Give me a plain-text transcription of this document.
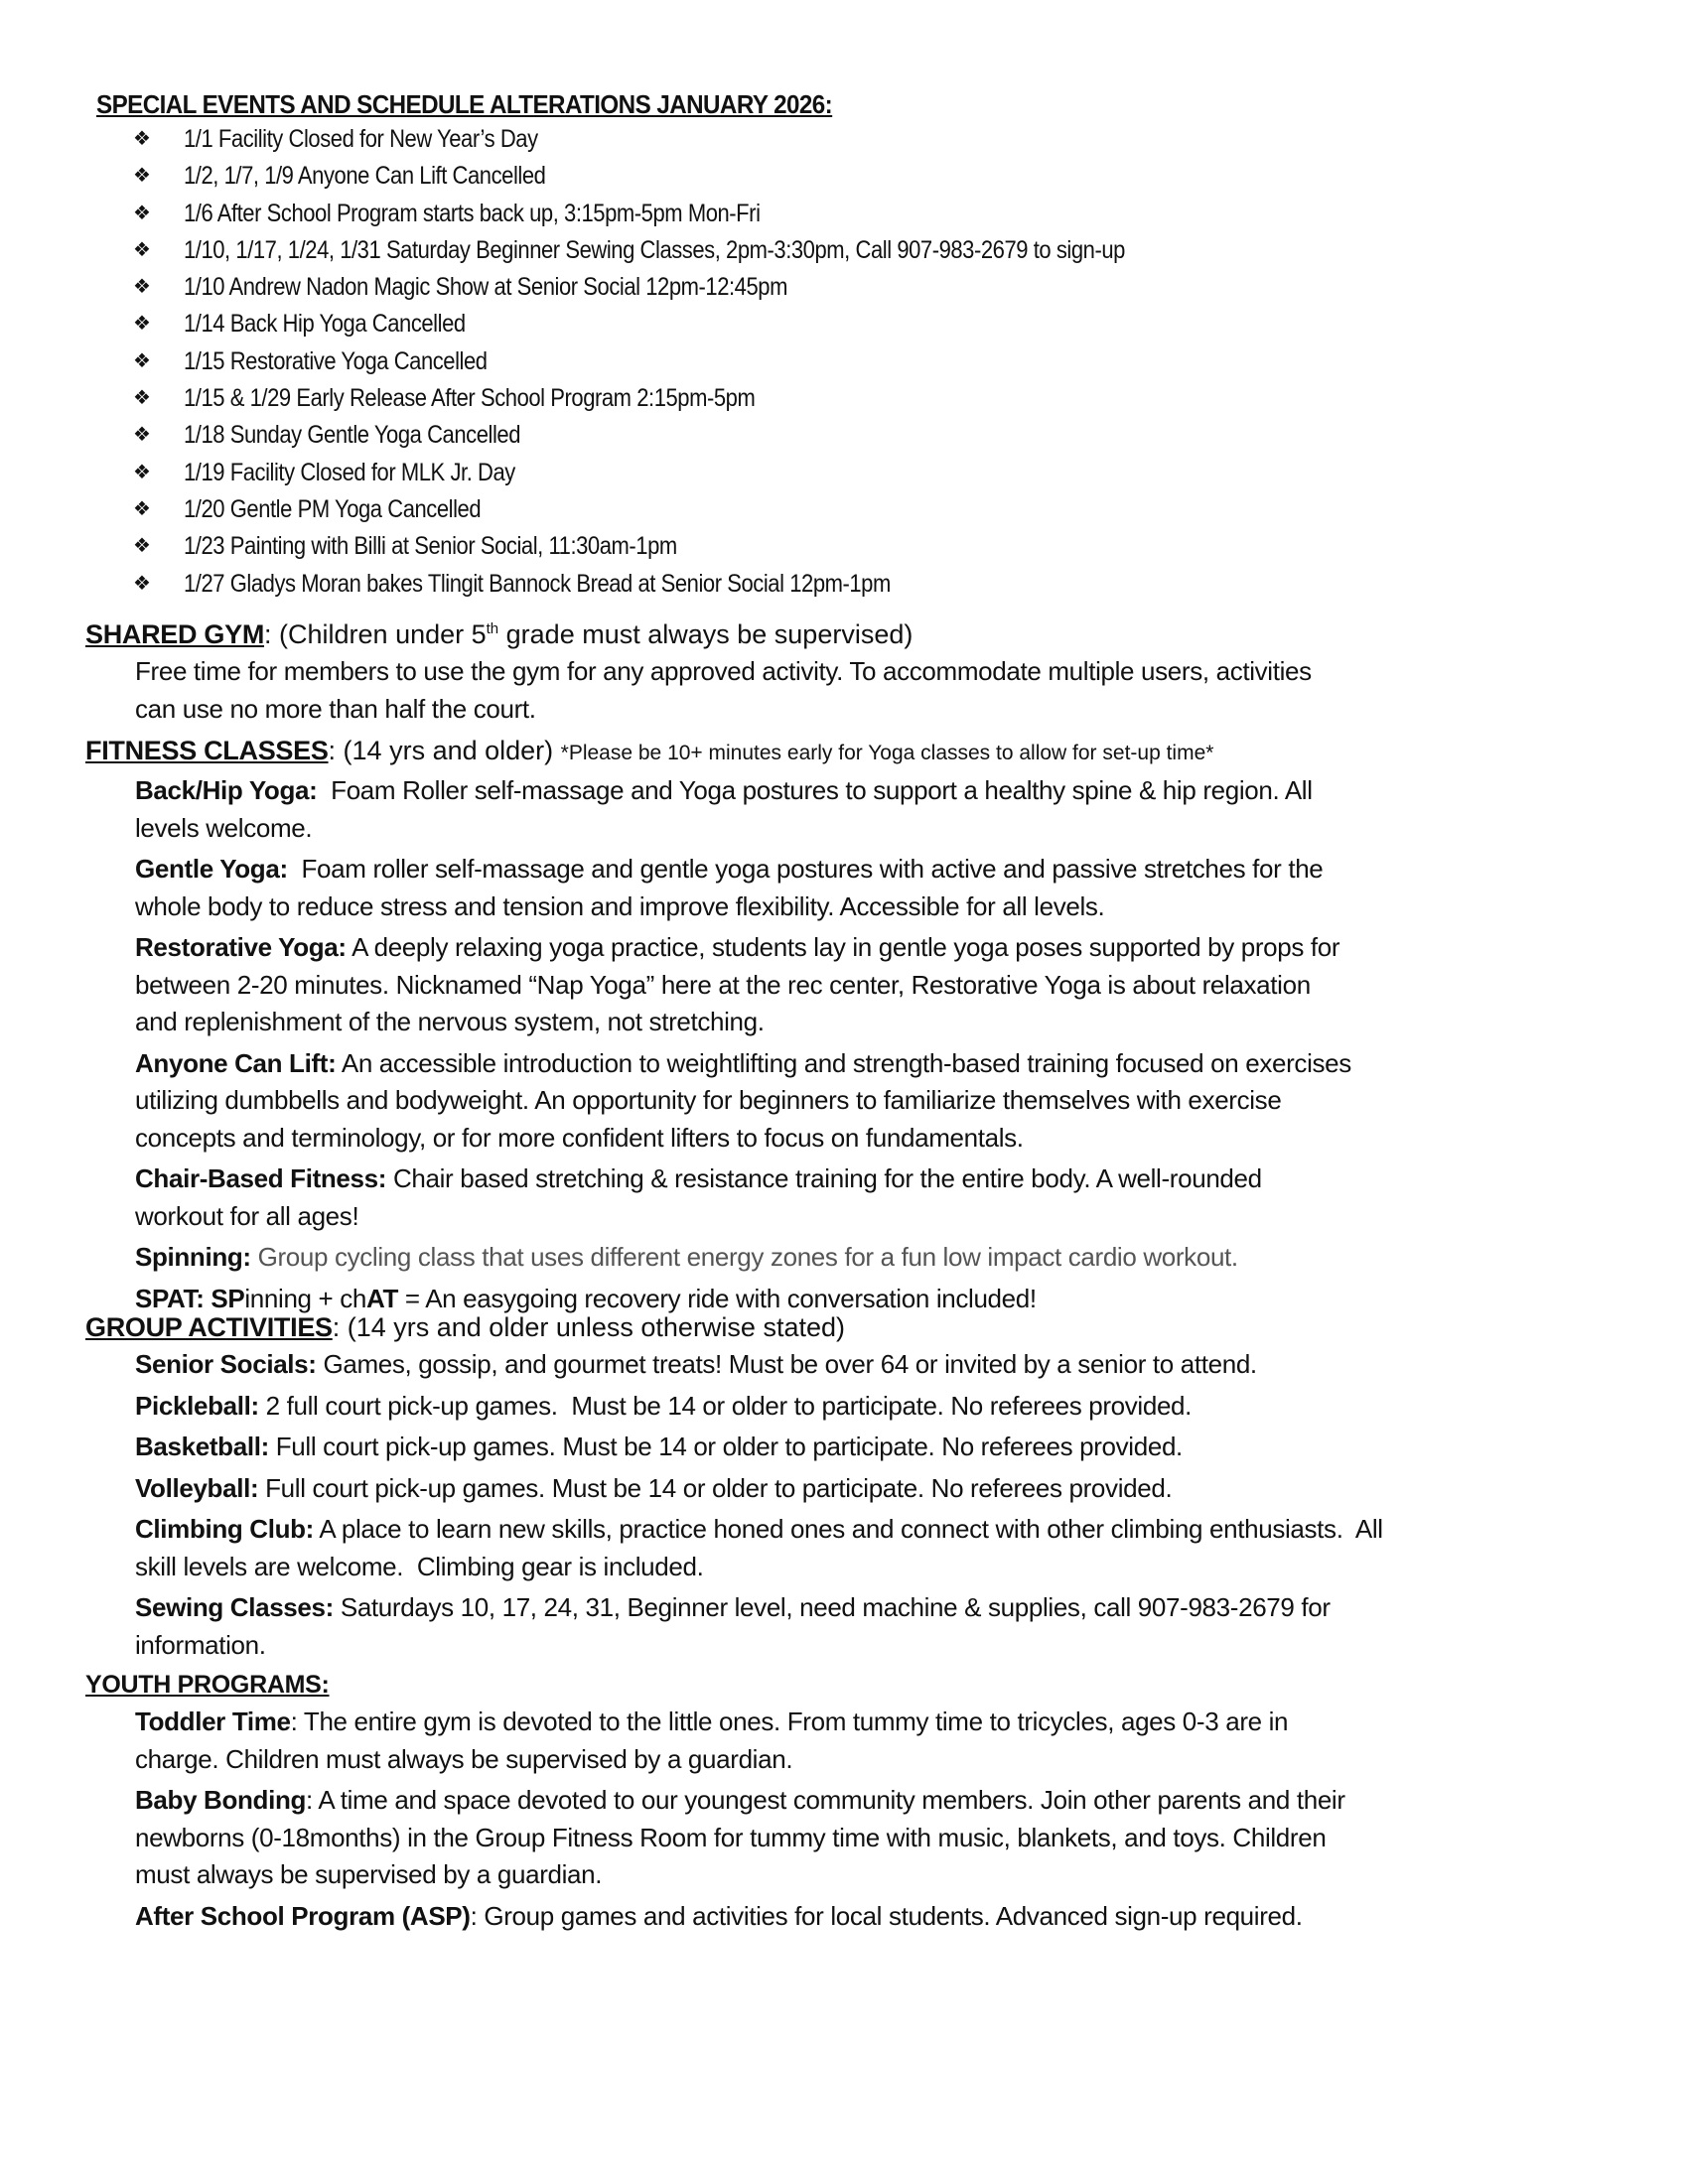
SPECIAL EVENTS AND SCHEDULE ALTERATIONS JANUARY 2026:
❖ 1/1 Facility Closed for New Year’s Day
❖ 1/2, 1/7, 1/9 Anyone Can Lift Cancelled
❖ 1/6 After School Program starts back up, 3:15pm-5pm Mon-Fri
❖ 1/10, 1/17, 1/24, 1/31 Saturday Beginner Sewing Classes, 2pm-3:30pm, Call 907-983-2679 to sign-up
❖ 1/10 Andrew Nadon Magic Show at Senior Social 12pm-12:45pm
❖ 1/14 Back Hip Yoga Cancelled
❖ 1/15 Restorative Yoga Cancelled
❖ 1/15 & 1/29 Early Release After School Program 2:15pm-5pm
❖ 1/18 Sunday Gentle Yoga Cancelled
❖ 1/19 Facility Closed for MLK Jr. Day
❖ 1/20 Gentle PM Yoga Cancelled
❖ 1/23 Painting with Billi at Senior Social, 11:30am-1pm
❖ 1/27 Gladys Moran bakes Tlingit Bannock Bread at Senior Social 12pm-1pm
SHARED GYM: (Children under 5th grade must always be supervised)
Free time for members to use the gym for any approved activity. To accommodate multiple users, activities
can use no more than half the court.
FITNESS CLASSES: (14 yrs and older) *Please be 10+ minutes early for Yoga classes to allow for set-up time*
Back/Hip Yoga:  Foam Roller self-massage and Yoga postures to support a healthy spine & hip region. All
levels welcome.
Gentle Yoga:  Foam roller self-massage and gentle yoga postures with active and passive stretches for the
whole body to reduce stress and tension and improve flexibility. Accessible for all levels.
Restorative Yoga: A deeply relaxing yoga practice, students lay in gentle yoga poses supported by props for
between 2-20 minutes. Nicknamed “Nap Yoga” here at the rec center, Restorative Yoga is about relaxation
and replenishment of the nervous system, not stretching.
Anyone Can Lift: An accessible introduction to weightlifting and strength-based training focused on exercises
utilizing dumbbells and bodyweight. An opportunity for beginners to familiarize themselves with exercise
concepts and terminology, or for more confident lifters to focus on fundamentals.
Chair-Based Fitness: Chair based stretching & resistance training for the entire body. A well-rounded
workout for all ages!
Spinning: Group cycling class that uses different energy zones for a fun low impact cardio workout.
SPAT: SPinning + chAT = An easygoing recovery ride with conversation included!
GROUP ACTIVITIES: (14 yrs and older unless otherwise stated)
Senior Socials: Games, gossip, and gourmet treats! Must be over 64 or invited by a senior to attend.
Pickleball: 2 full court pick-up games.  Must be 14 or older to participate. No referees provided.
Basketball: Full court pick-up games. Must be 14 or older to participate. No referees provided.
Volleyball: Full court pick-up games. Must be 14 or older to participate. No referees provided.
Climbing Club: A place to learn new skills, practice honed ones and connect with other climbing enthusiasts.  All
skill levels are welcome.  Climbing gear is included.
Sewing Classes: Saturdays 10, 17, 24, 31, Beginner level, need machine & supplies, call 907-983-2679 for
information.
YOUTH PROGRAMS:
Toddler Time: The entire gym is devoted to the little ones. From tummy time to tricycles, ages 0-3 are in
charge. Children must always be supervised by a guardian.
Baby Bonding: A time and space devoted to our youngest community members. Join other parents and their
newborns (0-18months) in the Group Fitness Room for tummy time with music, blankets, and toys. Children
must always be supervised by a guardian.
After School Program (ASP): Group games and activities for local students. Advanced sign-up required.
